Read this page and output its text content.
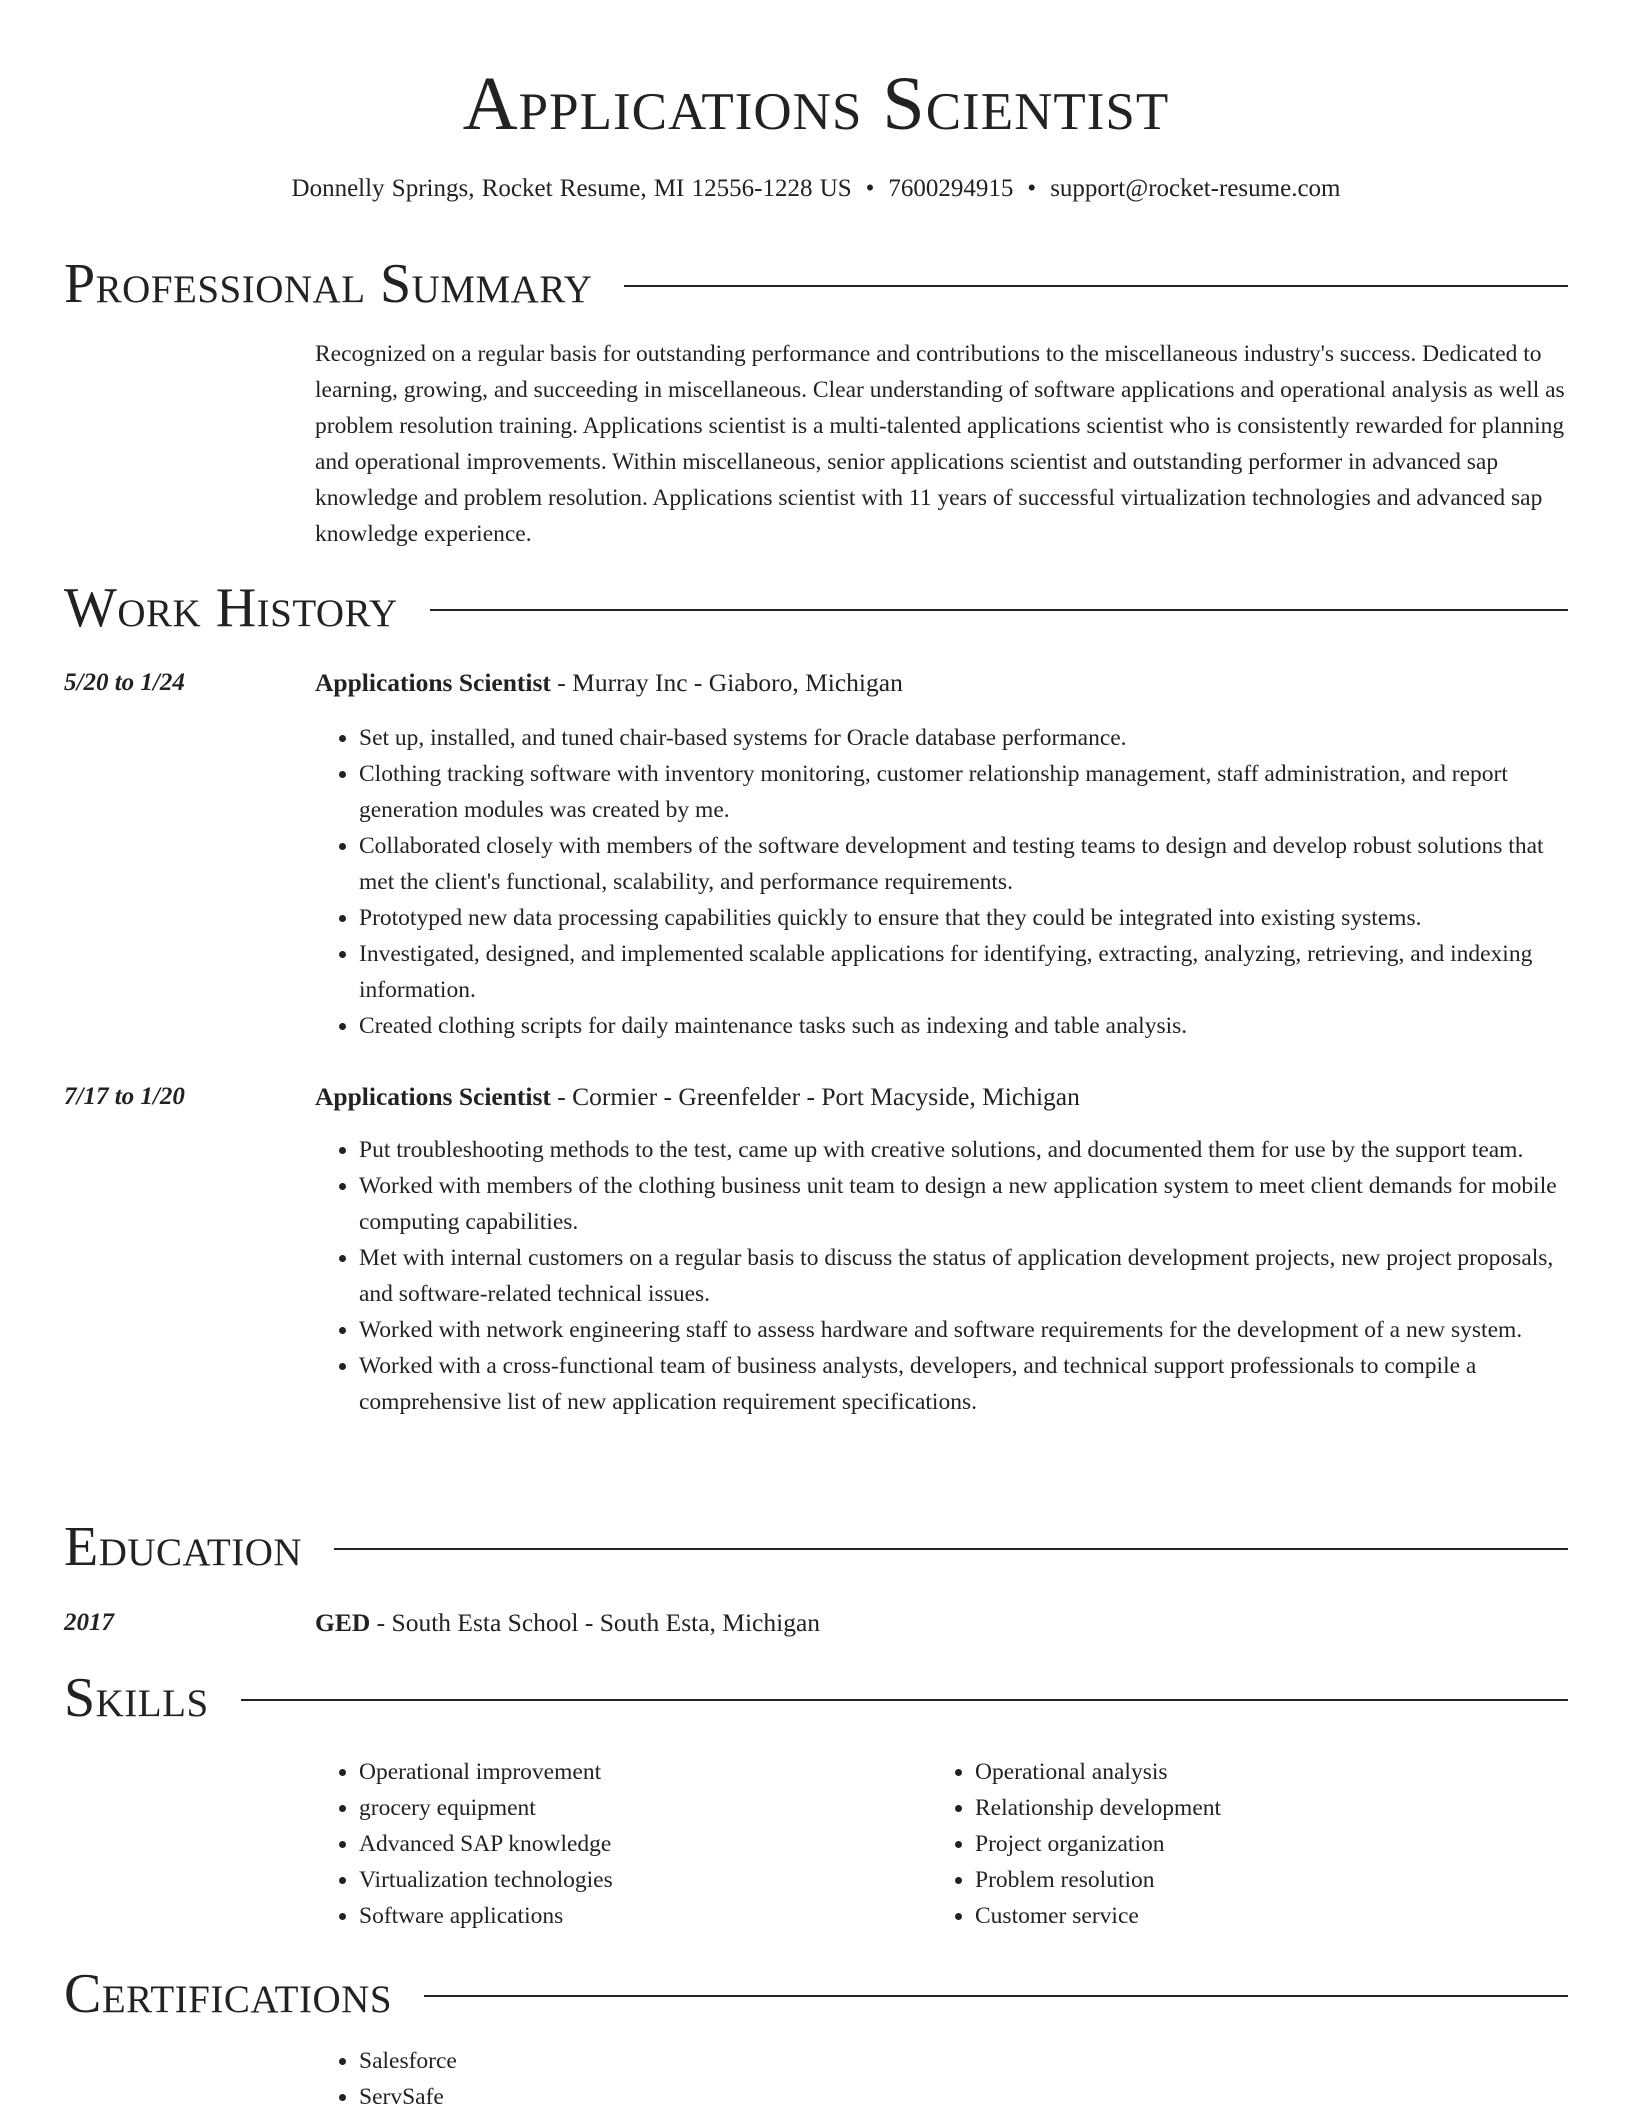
Applications Scientist
Donnelly Springs, Rocket Resume, MI 12556-1228 US • 7600294915 • support@rocket-resume.com
Professional Summary

Recognized on a regular basis for outstanding performance and contributions to the miscellaneous industry's success. Dedicated to learning, growing, and succeeding in miscellaneous. Clear understanding of software applications and operational analysis as well as problem resolution training. Applications scientist is a multi-talented applications scientist who is consistently rewarded for planning and operational improvements. Within miscellaneous, senior applications scientist and outstanding performer in advanced sap knowledge and problem resolution. Applications scientist with 11 years of successful virtualization technologies and advanced sap knowledge experience.

Work History
5/20 to 1/24	Applications Scientist - Murray Inc - Giaboro, Michigan
• Set up, installed, and tuned chair-based systems for Oracle database performance.
• Clothing tracking software with inventory monitoring, customer relationship management, staff administration, and report generation modules was created by me.
• Collaborated closely with members of the software development and testing teams to design and develop robust solutions that met the client's functional, scalability, and performance requirements.
• Prototyped new data processing capabilities quickly to ensure that they could be integrated into existing systems.
• Investigated, designed, and implemented scalable applications for identifying, extracting, analyzing, retrieving, and indexing information.
• Created clothing scripts for daily maintenance tasks such as indexing and table analysis.
7/17 to 1/20	Applications Scientist - Cormier - Greenfelder - Port Macyside, Michigan
• Put troubleshooting methods to the test, came up with creative solutions, and documented them for use by the support team.
• Worked with members of the clothing business unit team to design a new application system to meet client demands for mobile computing capabilities.
• Met with internal customers on a regular basis to discuss the status of application development projects, new project proposals, and software-related technical issues.
• Worked with network engineering staff to assess hardware and software requirements for the development of a new system.
• Worked with a cross-functional team of business analysts, developers, and technical support professionals to compile a comprehensive list of new application requirement specifications.
Education
2017	GED - South Esta School - South Esta, Michigan
Skills
• Operational improvement
• grocery equipment
• Advanced SAP knowledge
• Virtualization technologies
• Software applications
• Operational analysis
• Relationship development
• Project organization
• Problem resolution
• Customer service
Certifications
• Salesforce
• ServSafe
